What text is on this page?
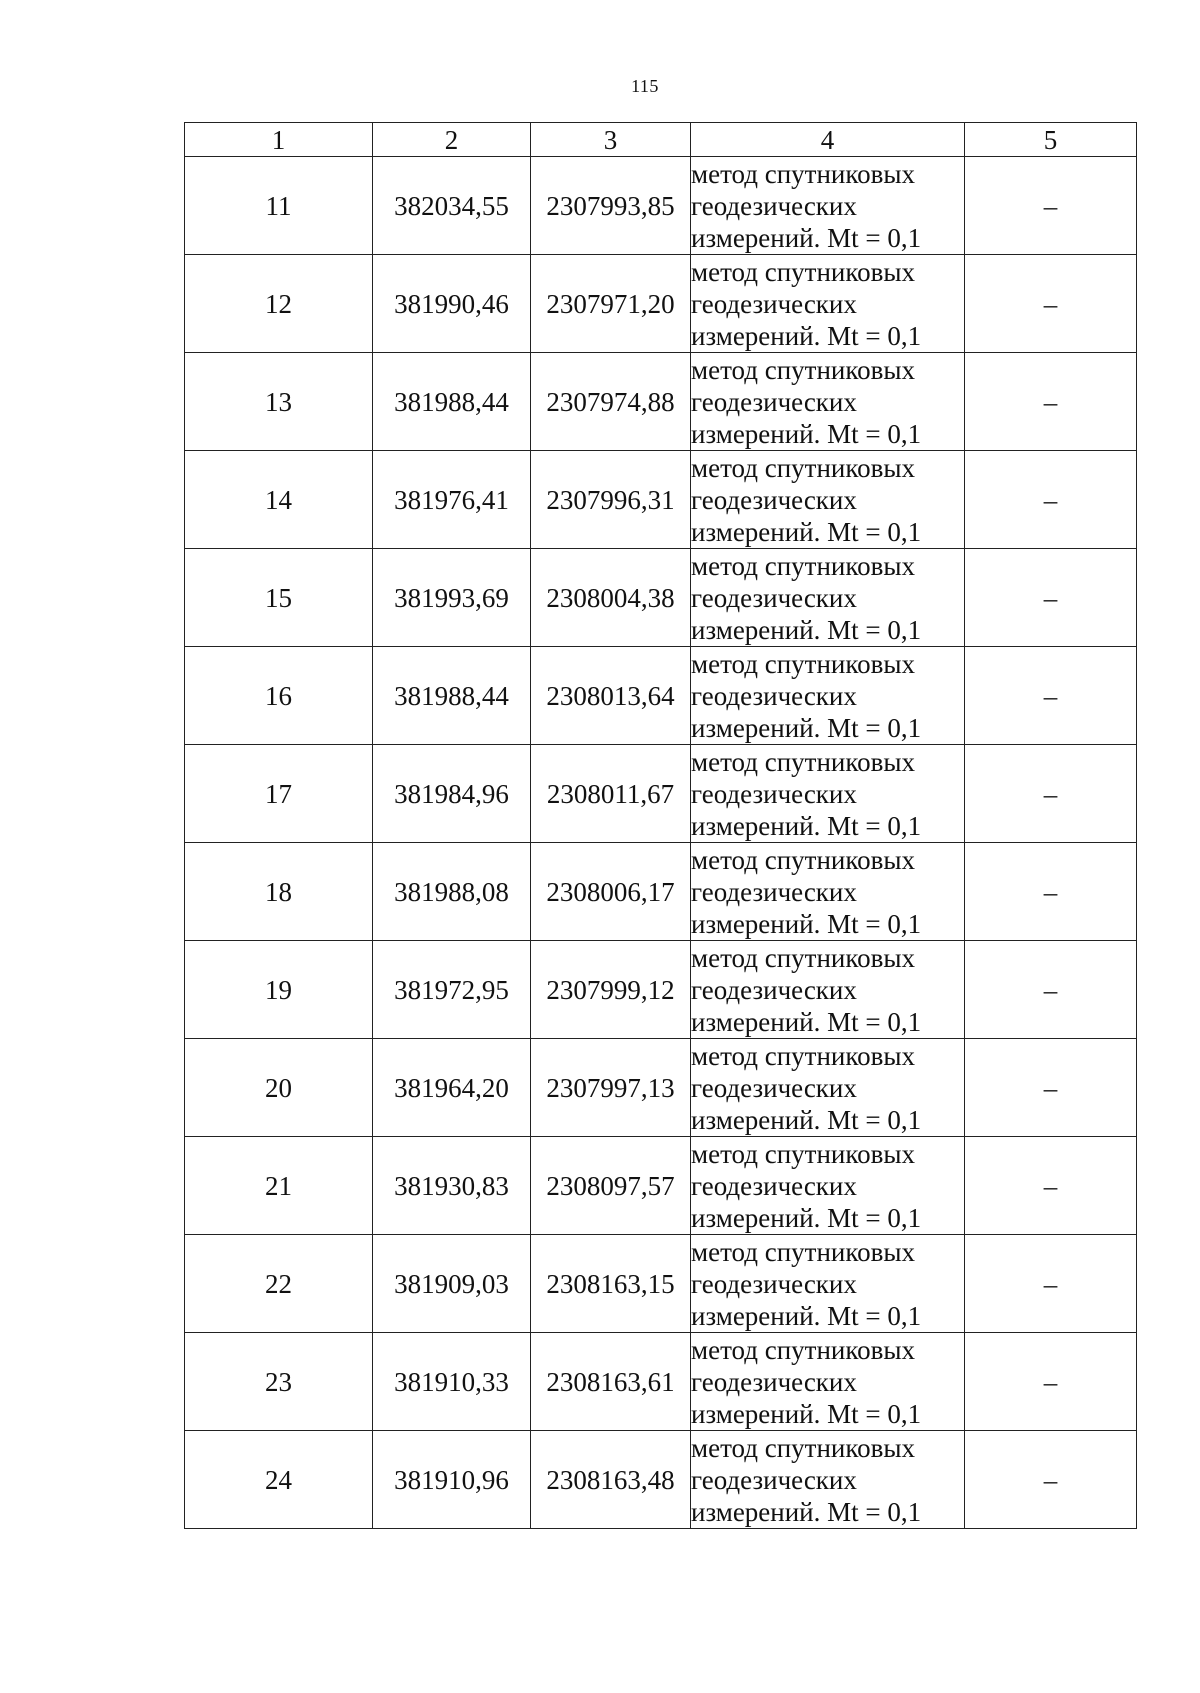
115
1	2	3	4	5
11	382034,55	2307993,85	метод спутниковых
геодезических
измерений. Mt = 0,1	–
12	381990,46	2307971,20	метод спутниковых
геодезических
измерений. Mt = 0,1	–
13	381988,44	2307974,88	метод спутниковых
геодезических
измерений. Mt = 0,1	–
14	381976,41	2307996,31	метод спутниковых
геодезических
измерений. Mt = 0,1	–
15	381993,69	2308004,38	метод спутниковых
геодезических
измерений. Mt = 0,1	–
16	381988,44	2308013,64	метод спутниковых
геодезических
измерений. Mt = 0,1	–
17	381984,96	2308011,67	метод спутниковых
геодезических
измерений. Mt = 0,1	–
18	381988,08	2308006,17	метод спутниковых
геодезических
измерений. Mt = 0,1	–
19	381972,95	2307999,12	метод спутниковых
геодезических
измерений. Mt = 0,1	–
20	381964,20	2307997,13	метод спутниковых
геодезических
измерений. Mt = 0,1	–
21	381930,83	2308097,57	метод спутниковых
геодезических
измерений. Mt = 0,1	–
22	381909,03	2308163,15	метод спутниковых
геодезических
измерений. Mt = 0,1	–
23	381910,33	2308163,61	метод спутниковых
геодезических
измерений. Mt = 0,1	–
24	381910,96	2308163,48	метод спутниковых
геодезических
измерений. Mt = 0,1	–
